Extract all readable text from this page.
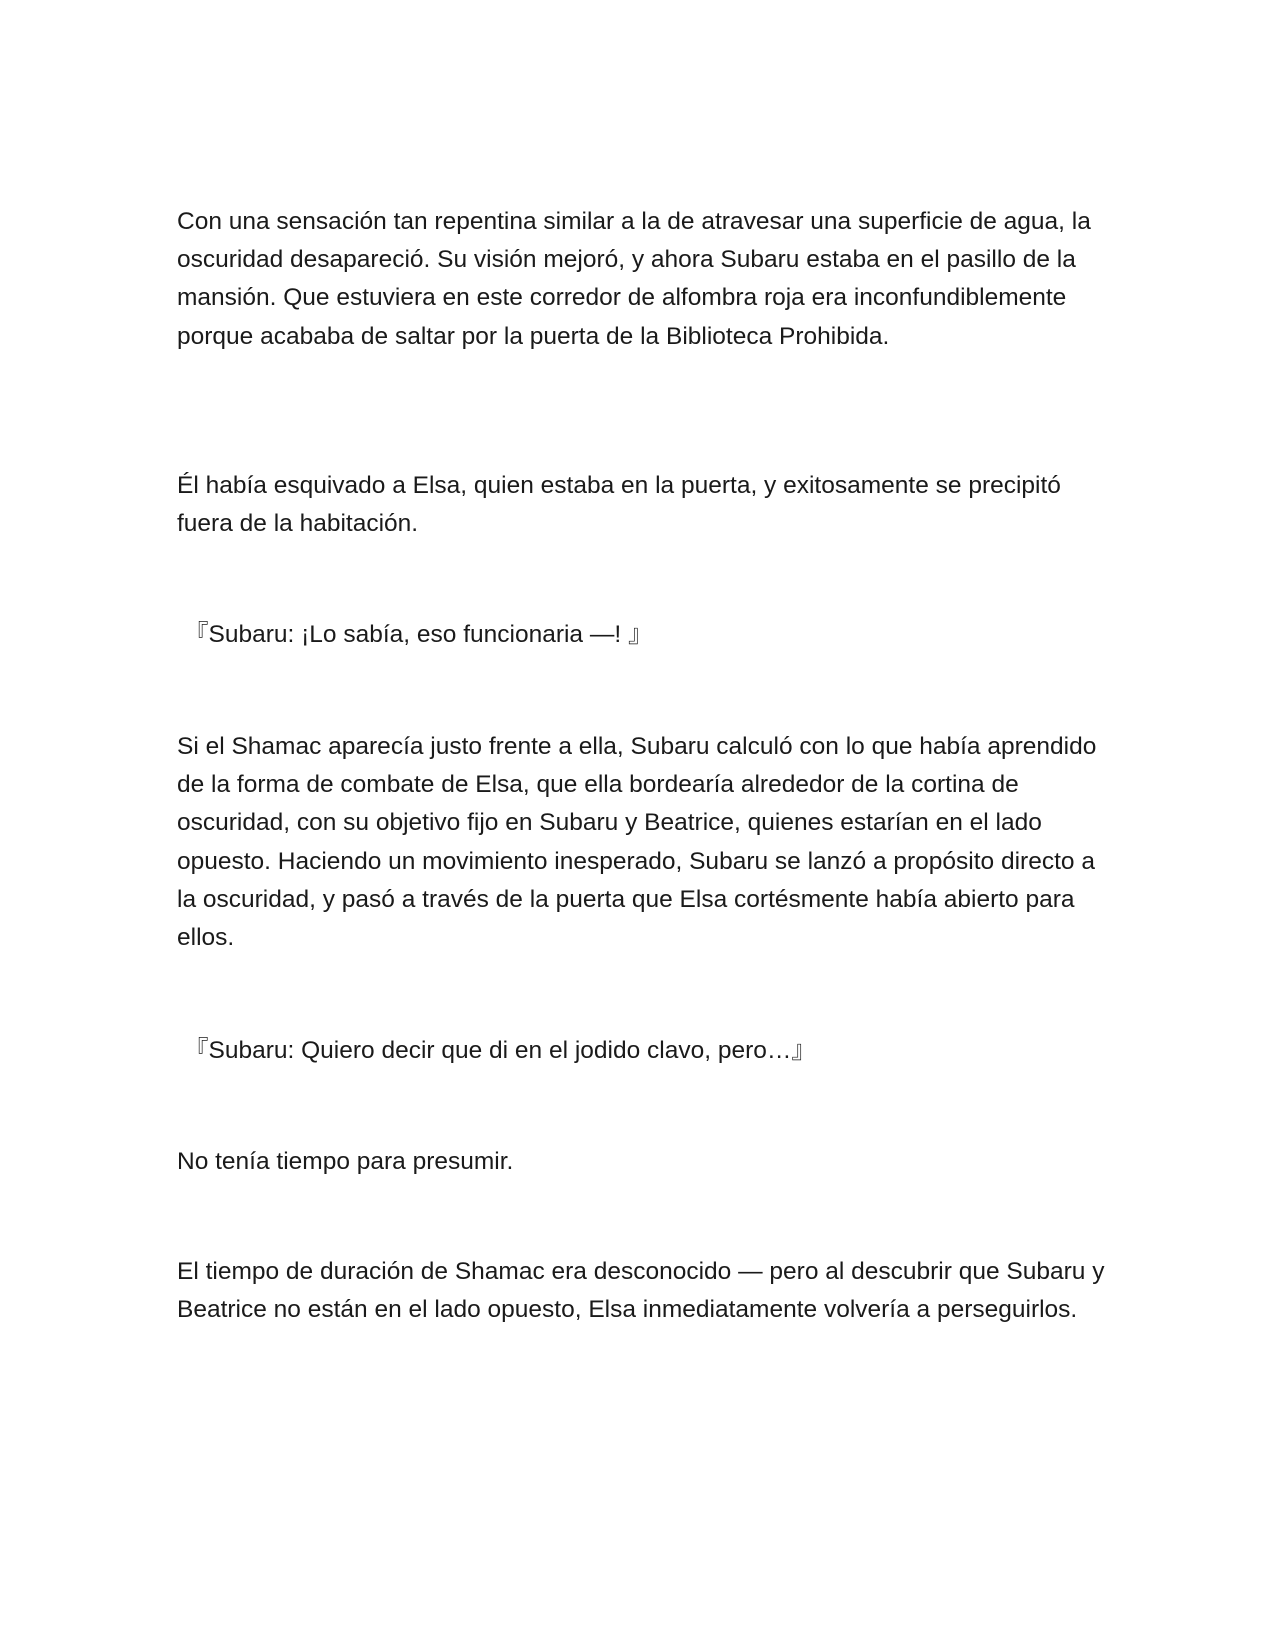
Con una sensación tan repentina similar a la de atravesar una superficie de agua, la oscuridad desapareció. Su visión mejoró, y ahora Subaru estaba en el pasillo de la mansión. Que estuviera en este corredor de alfombra roja era inconfundiblemente porque acababa de saltar por la puerta de la Biblioteca Prohibida.

Él había esquivado a Elsa, quien estaba en la puerta, y exitosamente se precipitó fuera de la habitación.

『Subaru: ¡Lo sabía, eso funcionaria —! 』

Si el Shamac aparecía justo frente a ella, Subaru calculó con lo que había aprendido de la forma de combate de Elsa, que ella bordearía alrededor de la cortina de oscuridad, con su objetivo fijo en Subaru y Beatrice, quienes estarían en el lado opuesto. Haciendo un movimiento inesperado, Subaru se lanzó a propósito directo a la oscuridad, y pasó a través de la puerta que Elsa cortésmente había abierto para ellos.

『Subaru: Quiero decir que di en el jodido clavo, pero…』

No tenía tiempo para presumir.

El tiempo de duración de Shamac era desconocido — pero al descubrir que Subaru y Beatrice no están en el lado opuesto, Elsa inmediatamente volvería a perseguirlos.
